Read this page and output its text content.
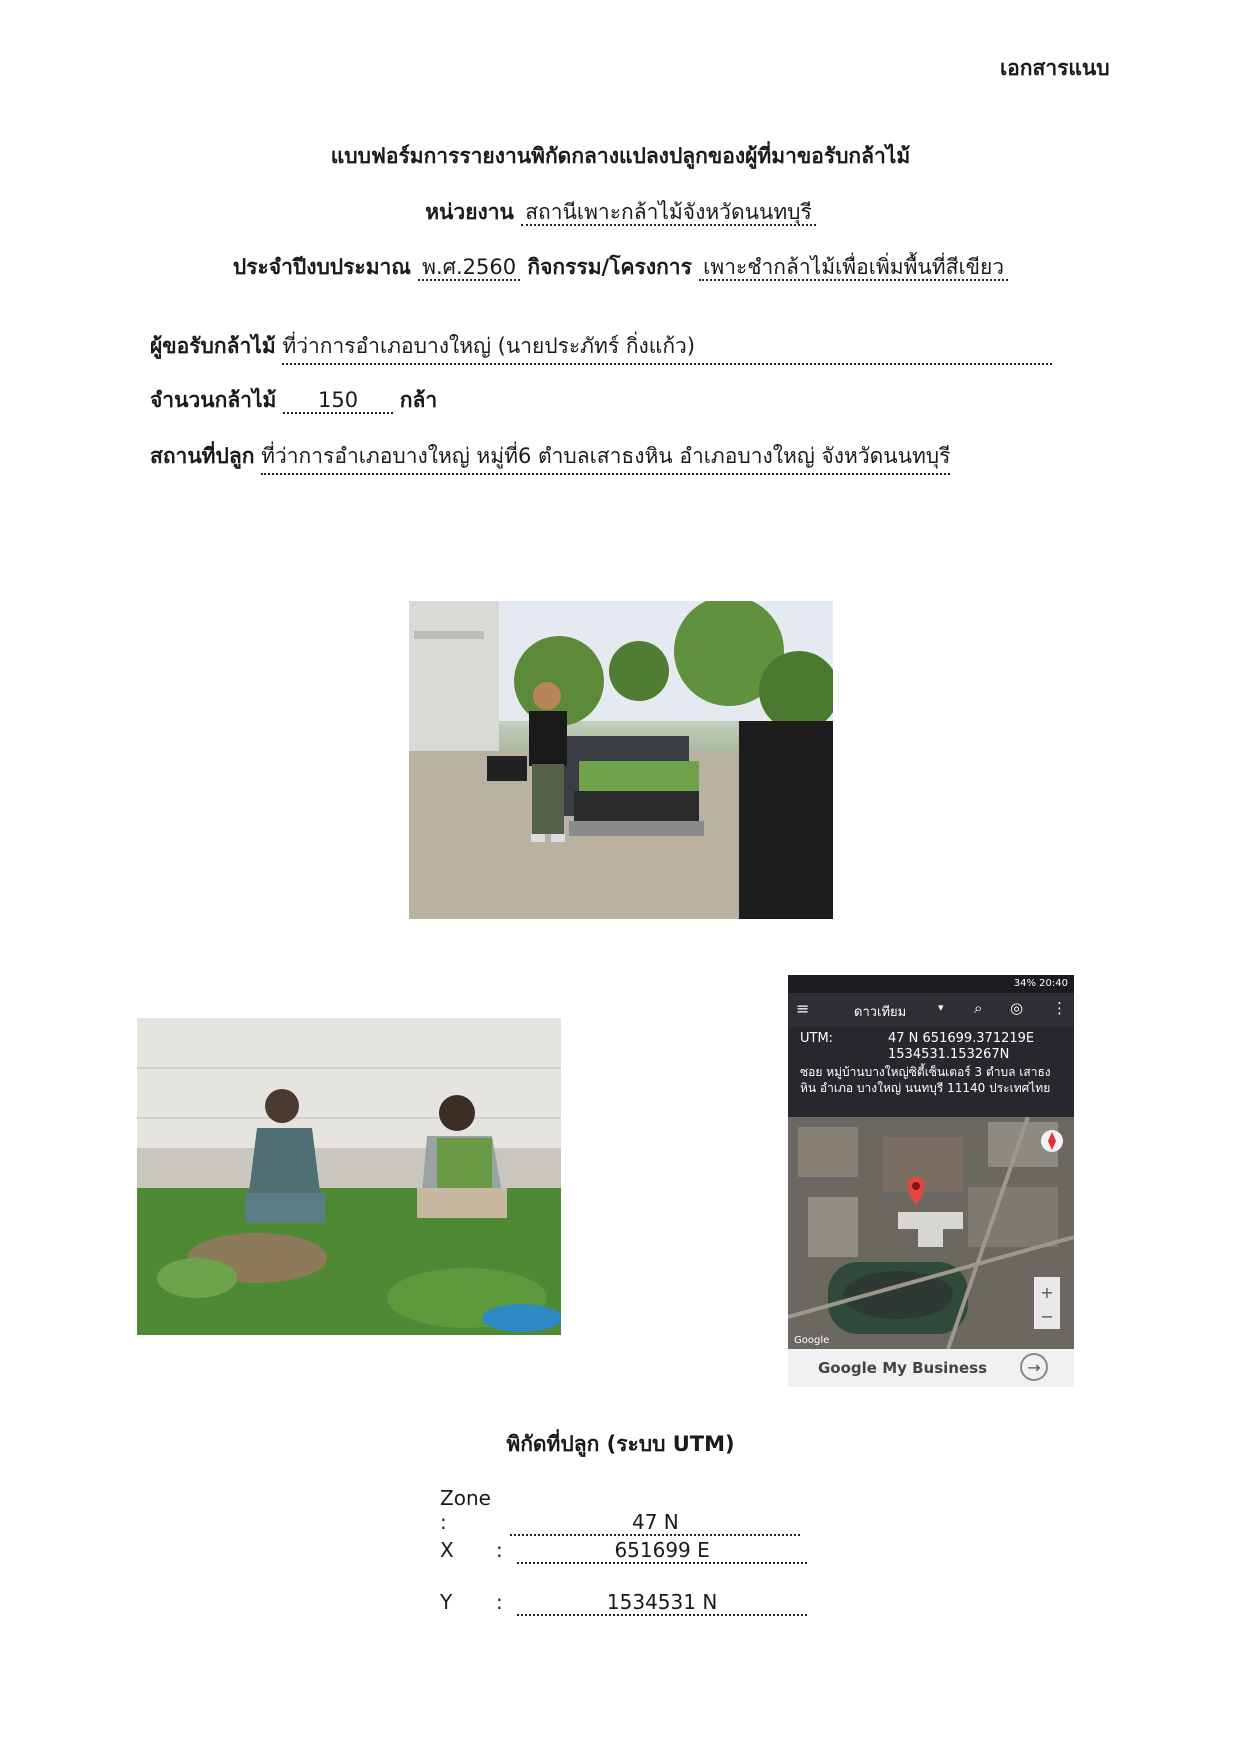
เอกสารแนบ
แบบฟอร์มการรายงานพิกัดกลางแปลงปลูกของผู้ที่มาขอรับกล้าไม้
หน่วยงาน สถานีเพาะกล้าไม้จังหวัดนนทบุรี
ประจำปีงบประมาณ พ.ศ.2560 กิจกรรม/โครงการ เพาะชำกล้าไม้เพื่อเพิ่มพื้นที่สีเขียว
ผู้ขอรับกล้าไม้ ที่ว่าการอำเภอบางใหญ่ (นายประภัทร์ กิ่งแก้ว)
จำนวนกล้าไม้ 150 กล้า
สถานที่ปลูก ที่ว่าการอำเภอบางใหญ่ หมู่ที่6 ตำบลเสาธงหิน อำเภอบางใหญ่ จังหวัดนนทบุรี
34% 20:40
≡	ดาวเทียม	▾ ⌕ ◎ ⋮
UTM:	47 N 651699.371219E
1534531.153267N
ซอย หมู่บ้านบางใหญ่ซิตี้เซ็นเตอร์ 3 ตำบล เสาธงหิน อำเภอ บางใหญ่ นนทบุรี 11140 ประเทศไทย
+
−
Google
Google My Business	→
พิกัดที่ปลูก (ระบบ UTM)
Zone :	47 N
X :	651699 E
Y :	1534531 N
